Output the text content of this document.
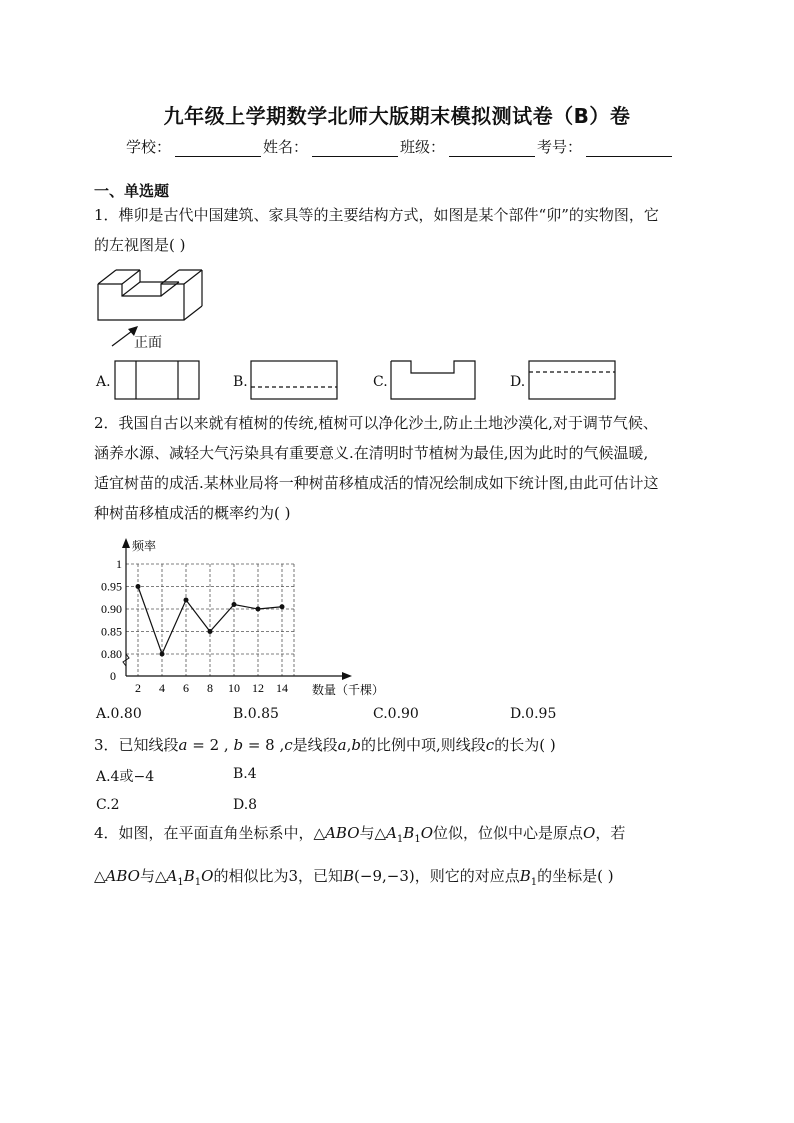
九年级上学期数学北师大版期末模拟测试卷（B）卷
学校：	姓名：	班级：	考号：
一、单选题
1．榫卯是古代中国建筑、家具等的主要结构方式，如图是某个部件“卯”的实物图，它
的左视图是( )
正面
A.	B.	C.	D.
2．我国自古以来就有植树的传统,植树可以净化沙土,防止土地沙漠化,对于调节气候、
涵养水源、减轻大气污染具有重要意义.在清明时节植树为最佳,因为此时的气候温暖,
适宜树苗的成活.某林业局将一种树苗移植成活的情况绘制成如下统计图,由此可估计这
种树苗移植成活的概率约为( )
0.80
0.85
0.90
0.95
1
0
2 4 6 8 10 12 14
频率
数量（千棵）
A.0.80	B.0.85	C.0.90	D.0.95
3．已知线段a = 2 , b = 8 ,c是线段a,b的比例中项,则线段c的长为( )
A.4或−4	B.4
C.2	D.8
4．如图，在平面直角坐标系中，△ABO与$\triangle A_1B_1O$位似，位似中心是原点O，若
△ABO与$\triangle A_1B_1O$的相似比为3，已知B(−9,−3)，则它的对应点$B_1$的坐标是( )
